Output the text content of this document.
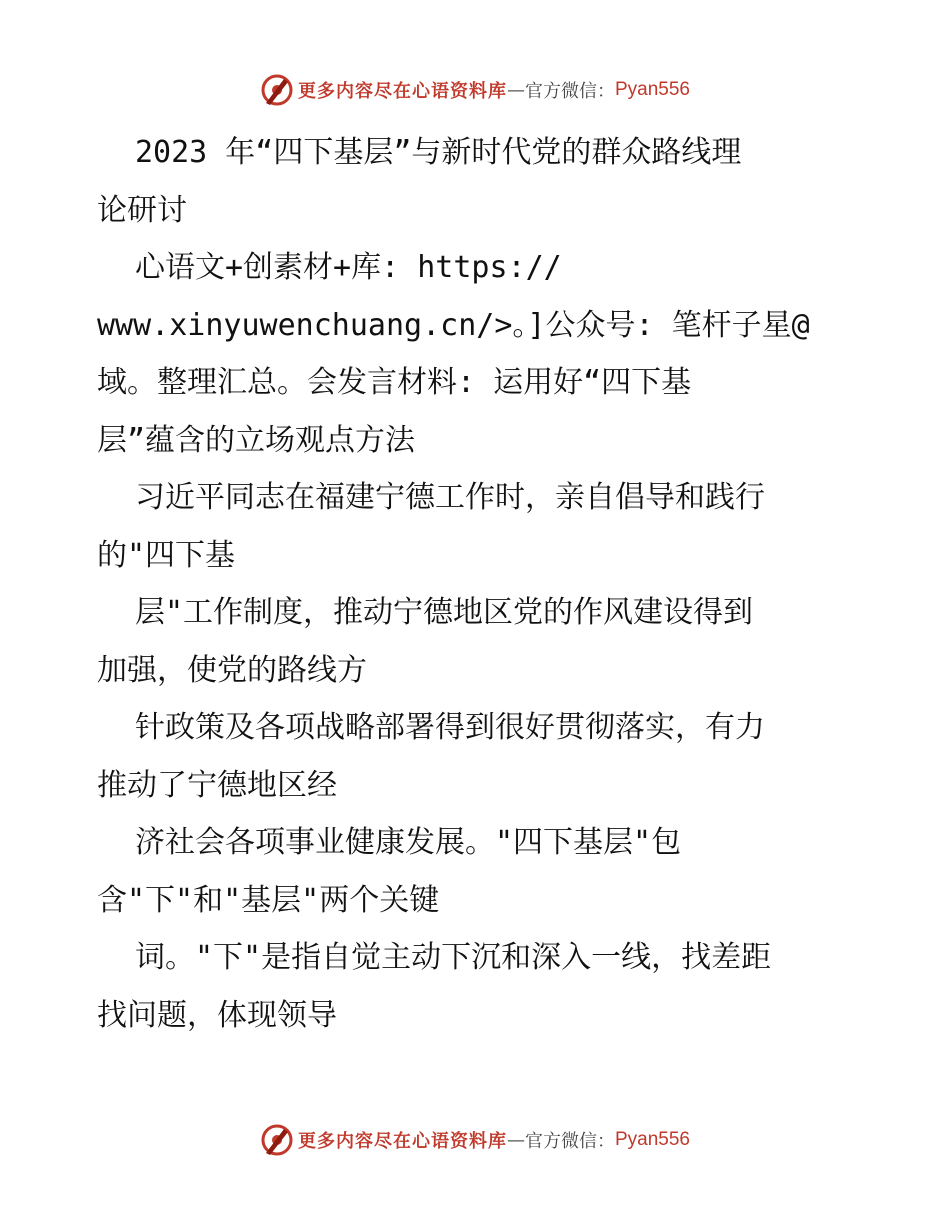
更多内容尽在心语资料库 — 官方微信： Pyan556
2023 年“四下基层”与新时代党的群众路线理
论研讨
心语文+创素材+库: https://
www.xinyuwenchuang.cn/>。]公众号: 笔杆子星@
域。整理汇总。会发言材料: 运用好“四下基
层”蕴含的立场观点方法
习近平同志在福建宁德工作时，亲自倡导和践行
的"四下基
层"工作制度，推动宁德地区党的作风建设得到
加强，使党的路线方
针政策及各项战略部署得到很好贯彻落实，有力
推动了宁德地区经
济社会各项事业健康发展。"四下基层"包
含"下"和"基层"两个关键
词。"下"是指自觉主动下沉和深入一线，找差距
找问题，体现领导
更多内容尽在心语资料库 — 官方微信： Pyan556
